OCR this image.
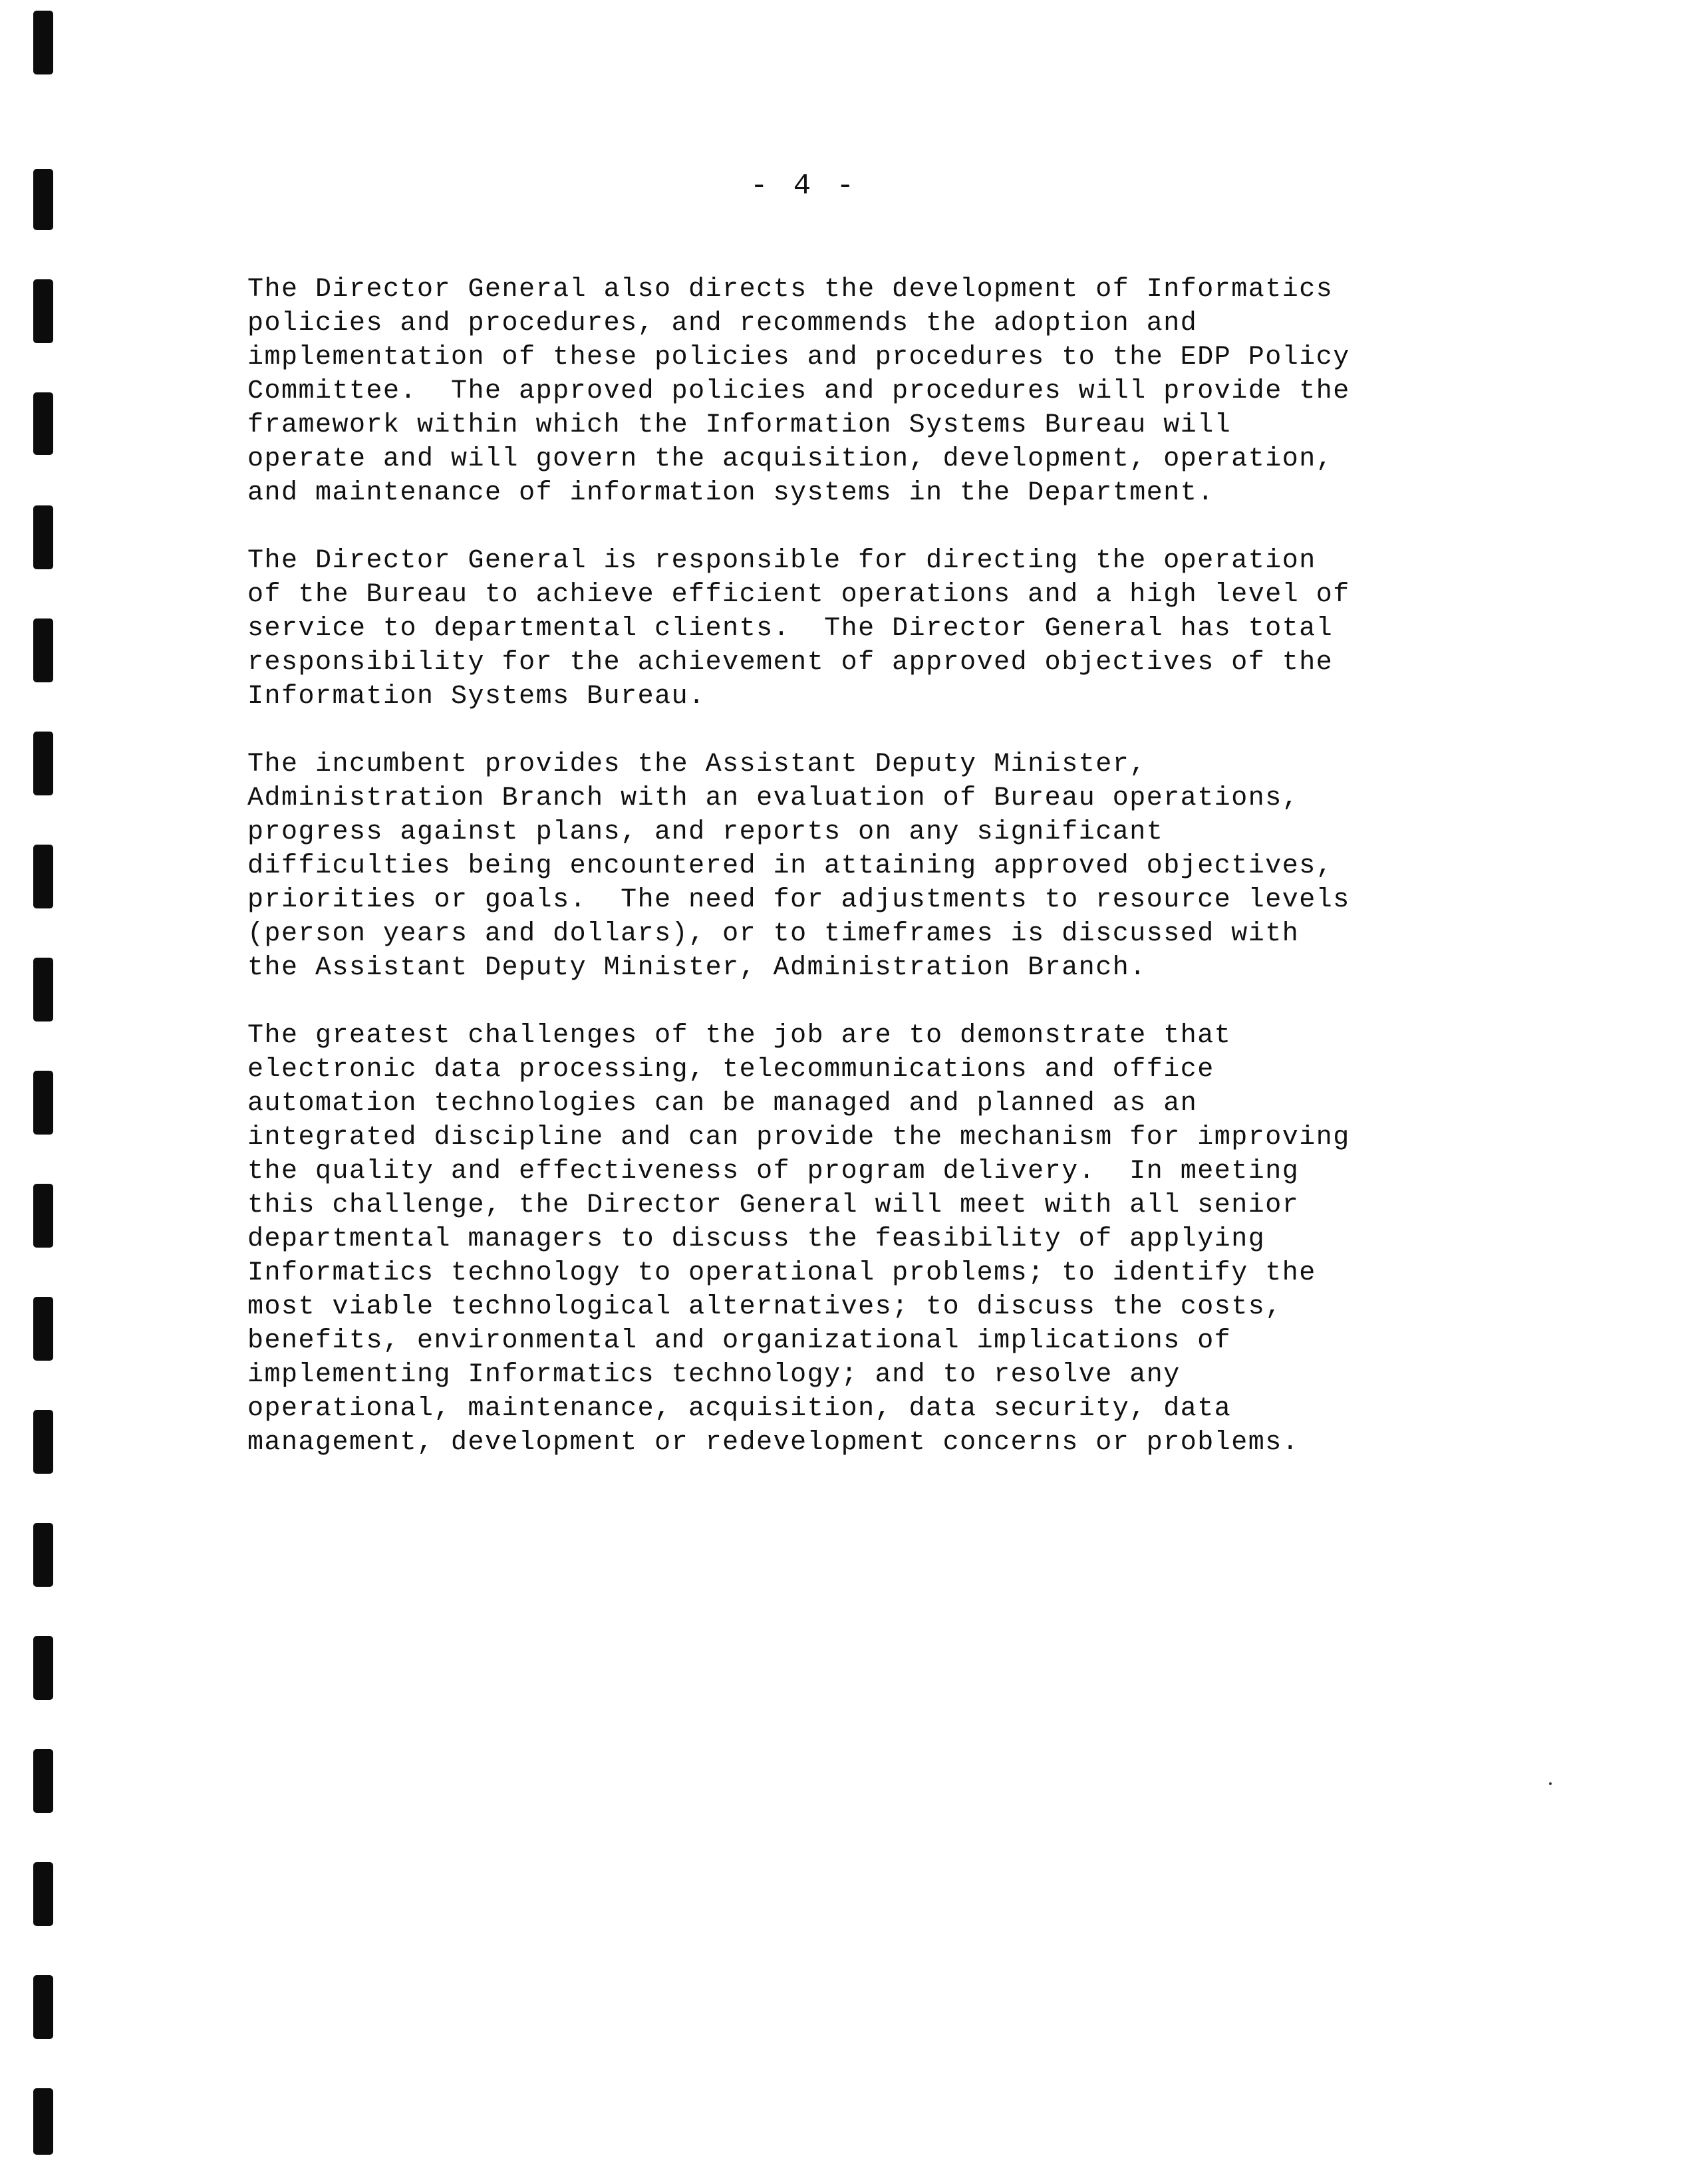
- 4 -
The Director General also directs the development of Informatics
policies and procedures, and recommends the adoption and
implementation of these policies and procedures to the EDP Policy
Committee.  The approved policies and procedures will provide the
framework within which the Information Systems Bureau will
operate and will govern the acquisition, development, operation,
and maintenance of information systems in the Department.
The Director General is responsible for directing the operation
of the Bureau to achieve efficient operations and a high level of
service to departmental clients.  The Director General has total
responsibility for the achievement of approved objectives of the
Information Systems Bureau.
The incumbent provides the Assistant Deputy Minister,
Administration Branch with an evaluation of Bureau operations,
progress against plans, and reports on any significant
difficulties being encountered in attaining approved objectives,
priorities or goals.  The need for adjustments to resource levels
(person years and dollars), or to timeframes is discussed with
the Assistant Deputy Minister, Administration Branch.
The greatest challenges of the job are to demonstrate that
electronic data processing, telecommunications and office
automation technologies can be managed and planned as an
integrated discipline and can provide the mechanism for improving
the quality and effectiveness of program delivery.  In meeting
this challenge, the Director General will meet with all senior
departmental managers to discuss the feasibility of applying
Informatics technology to operational problems; to identify the
most viable technological alternatives; to discuss the costs,
benefits, environmental and organizational implications of
implementing Informatics technology; and to resolve any
operational, maintenance, acquisition, data security, data
management, development or redevelopment concerns or problems.
